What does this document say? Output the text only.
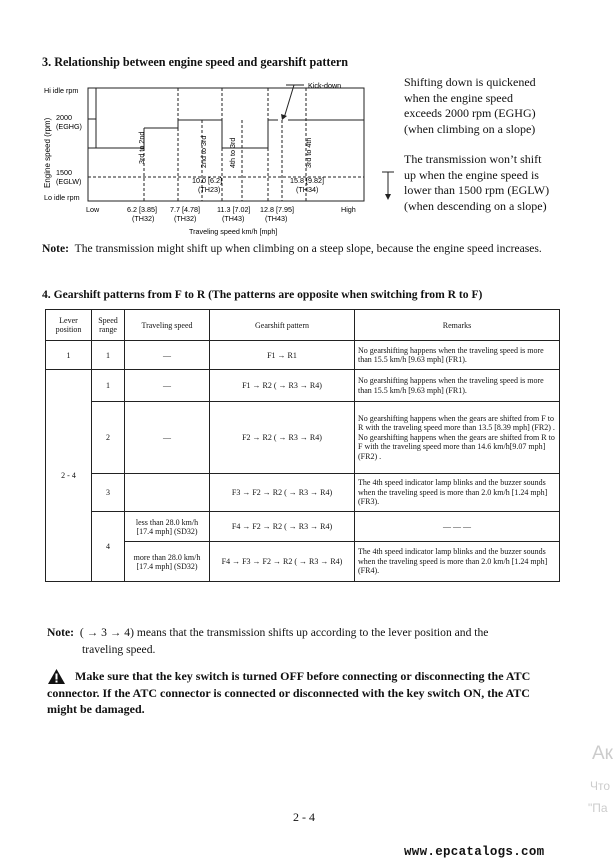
3. Relationship between engine speed and gearshift pattern
Engine speed (rpm)
Hi idle rpm
2000
(EGHG)
1500
(EGLW)
Lo idle rpm
Low	High
Traveling speed km/h [mph]
3rd to 2nd	2nd to 3rd	4th to 3rd	3rd to 4th
10.0 [6.2]
(TH23)
15.8 [9.82]
(TH34)
6.2 [3.85]
(TH32)
7.7 [4.78]
(TH32)
11.3 [7.02]
(TH43)
12.8 [7.95]
(TH43)
Kick-down	Shifting down is quickened
when the engine speed
exceeds 2000 rpm (EGHG)
(when climbing on a slope)
The transmission won’t shift
up when the engine speed is
lower than 1500 rpm (EGLW)
(when descending on a slope)
Note: The transmission might shift up when climbing on a steep slope, because the engine speed increases.
4. Gearshift patterns from F to R (The patterns are opposite when switching from R to F)
Lever position	Speed range	Traveling speed	Gearshift pattern	Remarks
1	1	—	F1 → R1	No gearshifting happens when the traveling speed is more than 15.5 km/h [9.63 mph] (FR1).
2 - 4	1	—	F1 → R2 ( → R3 → R4)	No gearshifting happens when the traveling speed is more than 15.5 km/h [9.63 mph] (FR1).
	2	—	F2 → R2 ( → R3 → R4)	No gearshifting happens when the gears are shifted from F to R with the traveling speed more than 13.5 [8.39 mph] (FR2) . No gearshifting happens when the gears are shifted from R to F with the traveling speed more than 14.6 km/h[9.07 mph] (FR2) .
	3		F3 → F2 → R2 ( → R3 → R4)	The 4th speed indicator lamp blinks and the buzzer sounds when the traveling speed is more than 2.0 km/h [1.24 mph] (FR3).
	4	less than 28.0 km/h [17.4 mph] (SD32)	F4 → F2 → R2 ( → R3 → R4)	— — —
		more than 28.0 km/h [17.4 mph] (SD32)	F4 → F3 → F2 → R2 ( → R3 → R4)	The 4th speed indicator lamp blinks and the buzzer sounds when the traveling speed is more than 2.0 km/h [1.24 mph] (FR4).
Note: ( → 3 → 4) means that the transmission shifts up according to the lever position and the
traveling speed.
Make sure that the key switch is turned OFF before connecting or disconnecting the ATC
connector. If the ATC connector is connected or disconnected with the key switch ON, the ATC
might be damaged.
2 - 4
www.epcatalogs.com
Ак
Что
"Па
